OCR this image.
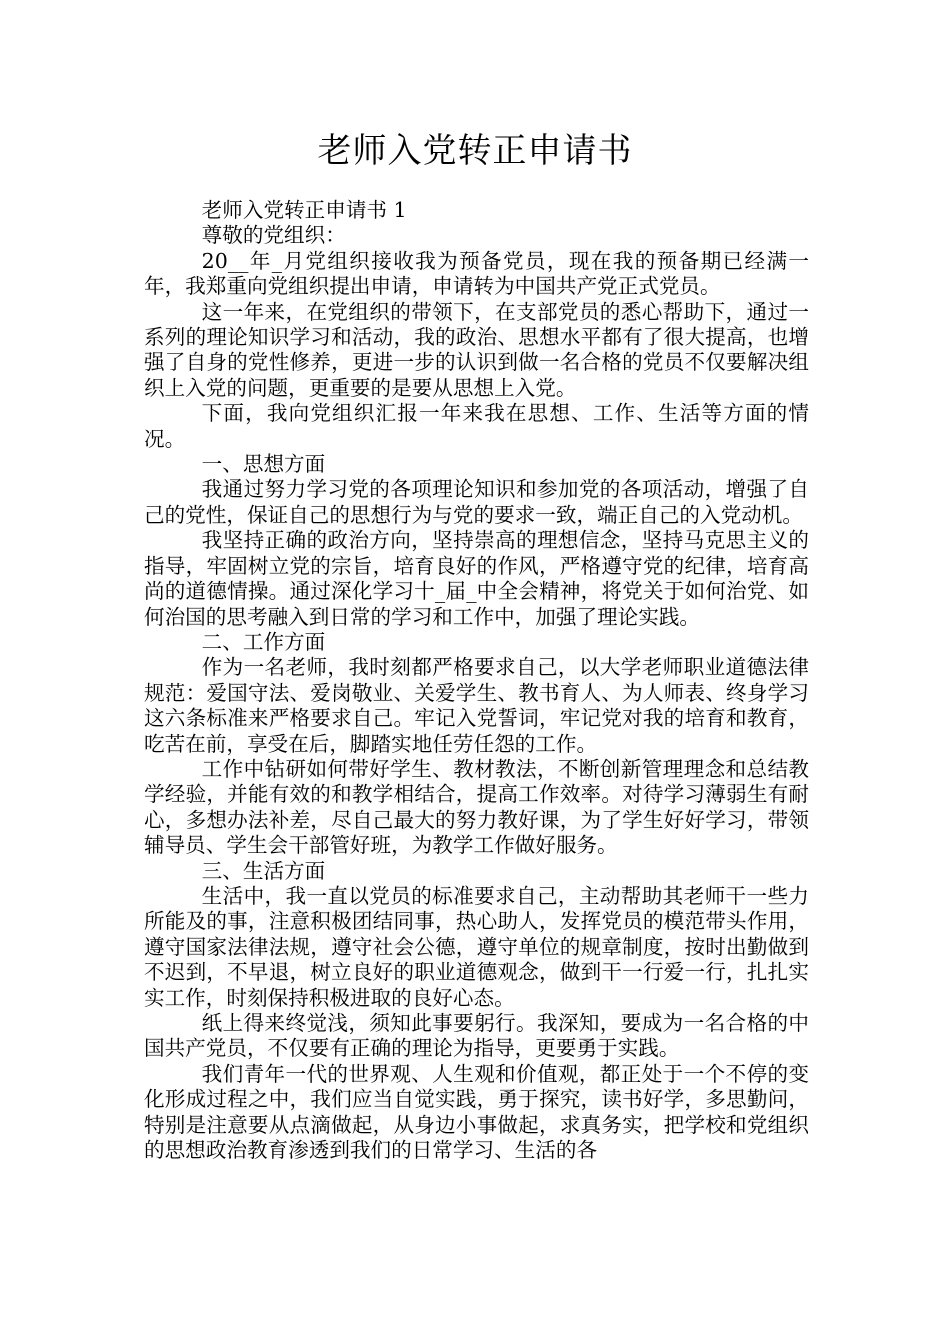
老师入党转正申请书

老师入党转正申请书 1

尊敬的党组织：

20__年_月党组织接收我为预备党员，现在我的预备期已经满一年，我郑重向党组织提出申请，申请转为中国共产党正式党员。

这一年来，在党组织的带领下，在支部党员的悉心帮助下，通过一系列的理论知识学习和活动，我的政治、思想水平都有了很大提高，也增强了自身的党性修养，更进一步的认识到做一名合格的党员不仅要解决组织上入党的问题，更重要的是要从思想上入党。

下面，我向党组织汇报一年来我在思想、工作、生活等方面的情况。

一、思想方面

我通过努力学习党的各项理论知识和参加党的各项活动，增强了自己的党性，保证自己的思想行为与党的要求一致，端正自己的入党动机。

我坚持正确的政治方向，坚持崇高的理想信念，坚持马克思主义的指导，牢固树立党的宗旨，培育良好的作风，严格遵守党的纪律，培育高尚的道德情操。通过深化学习十_届_中全会精神，将党关于如何治党、如何治国的思考融入到日常的学习和工作中，加强了理论实践。

二、工作方面

作为一名老师，我时刻都严格要求自己，以大学老师职业道德法律规范：爱国守法、爱岗敬业、关爱学生、教书育人、为人师表、终身学习这六条标准来严格要求自己。牢记入党誓词，牢记党对我的培育和教育，吃苦在前，享受在后，脚踏实地任劳任怨的工作。

工作中钻研如何带好学生、教材教法，不断创新管理理念和总结教学经验，并能有效的和教学相结合，提高工作效率。对待学习薄弱生有耐心，多想办法补差，尽自己最大的努力教好课，为了学生好好学习，带领辅导员、学生会干部管好班，为教学工作做好服务。

三、生活方面

生活中，我一直以党员的标准要求自己，主动帮助其老师干一些力所能及的事，注意积极团结同事，热心助人，发挥党员的模范带头作用，遵守国家法律法规，遵守社会公德，遵守单位的规章制度，按时出勤做到不迟到，不早退，树立良好的职业道德观念，做到干一行爱一行，扎扎实实工作，时刻保持积极进取的良好心态。

纸上得来终觉浅，须知此事要躬行。我深知，要成为一名合格的中国共产党员，不仅要有正确的理论为指导，更要勇于实践。

我们青年一代的世界观、人生观和价值观，都正处于一个不停的变化形成过程之中，我们应当自觉实践，勇于探究，读书好学，多思勤问，特别是注意要从点滴做起，从身边小事做起，求真务实，把学校和党组织的思想政治教育渗透到我们的日常学习、生活的各
